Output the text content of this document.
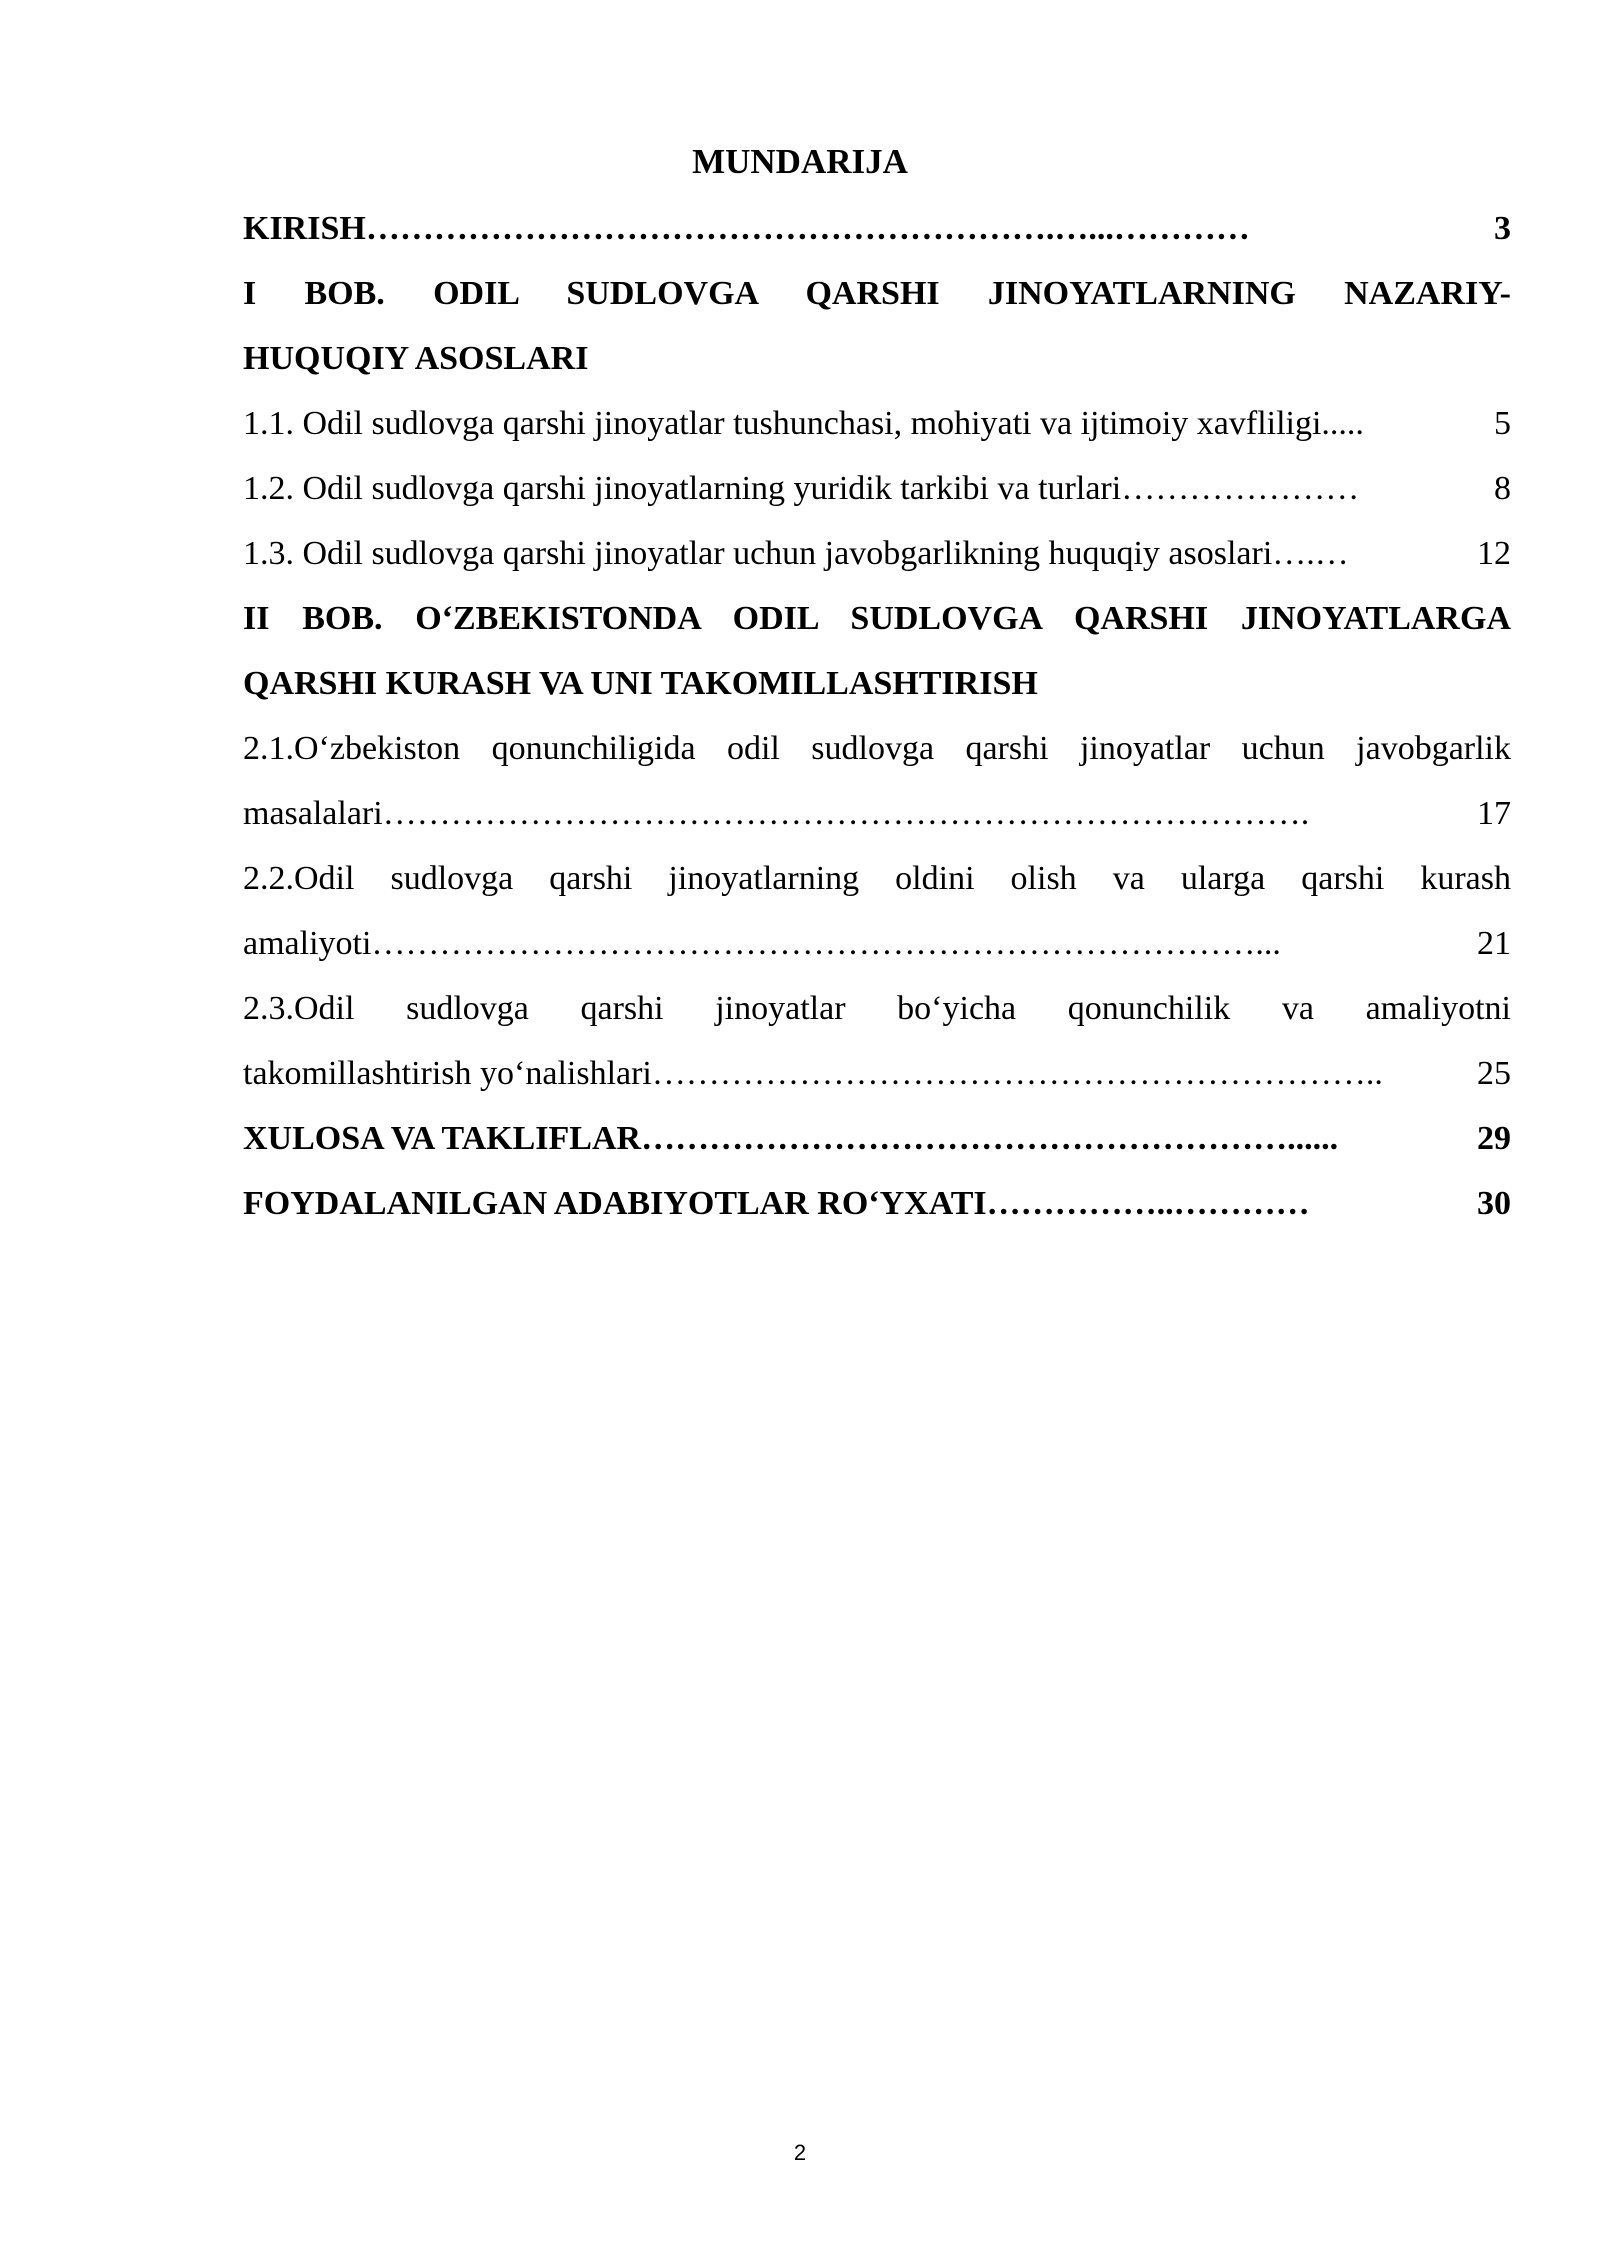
MUNDARIJA
KIRISH …………………………………………………….…...…………	3
I BOB. ODIL SUDLOVGA QARSHI JINOYATLARNING NAZARIY-
HUQUQIY ASOSLARI
1.1. Odil sudlovga qarshi jinoyatlar tushunchasi, mohiyati va ijtimoiy xavfliligi .....	5
1.2. Odil sudlovga qarshi jinoyatlarning yuridik tarkibi va turlari …………………	8
1.3. Odil sudlovga qarshi jinoyatlar uchun javobgarlikning huquqiy asoslari ….…	12
II BOB. O‘ZBEKISTONDA ODIL SUDLOVGA QARSHI JINOYATLARGA
QARSHI KURASH VA UNI TAKOMILLASHTIRISH
2.1.O‘zbekiston qonunchiligida odil sudlovga qarshi jinoyatlar uchun javobgarlik
masalalari ……………………………………………………………………….	17
2.2.Odil sudlovga qarshi jinoyatlarning oldini olish va ularga qarshi kurash
amaliyoti ……………………………………………………………………...	21
2.3.Odil sudlovga qarshi jinoyatlar bo‘yicha qonunchilik va amaliyotni
takomillashtirish yo‘nalishlari ………………………………………………………..	25
XULOSA VA TAKLIFLAR …………………………………………………......	29
FOYDALANILGAN ADABIYOTLAR RO‘YXATI ……………..…………	30
2
